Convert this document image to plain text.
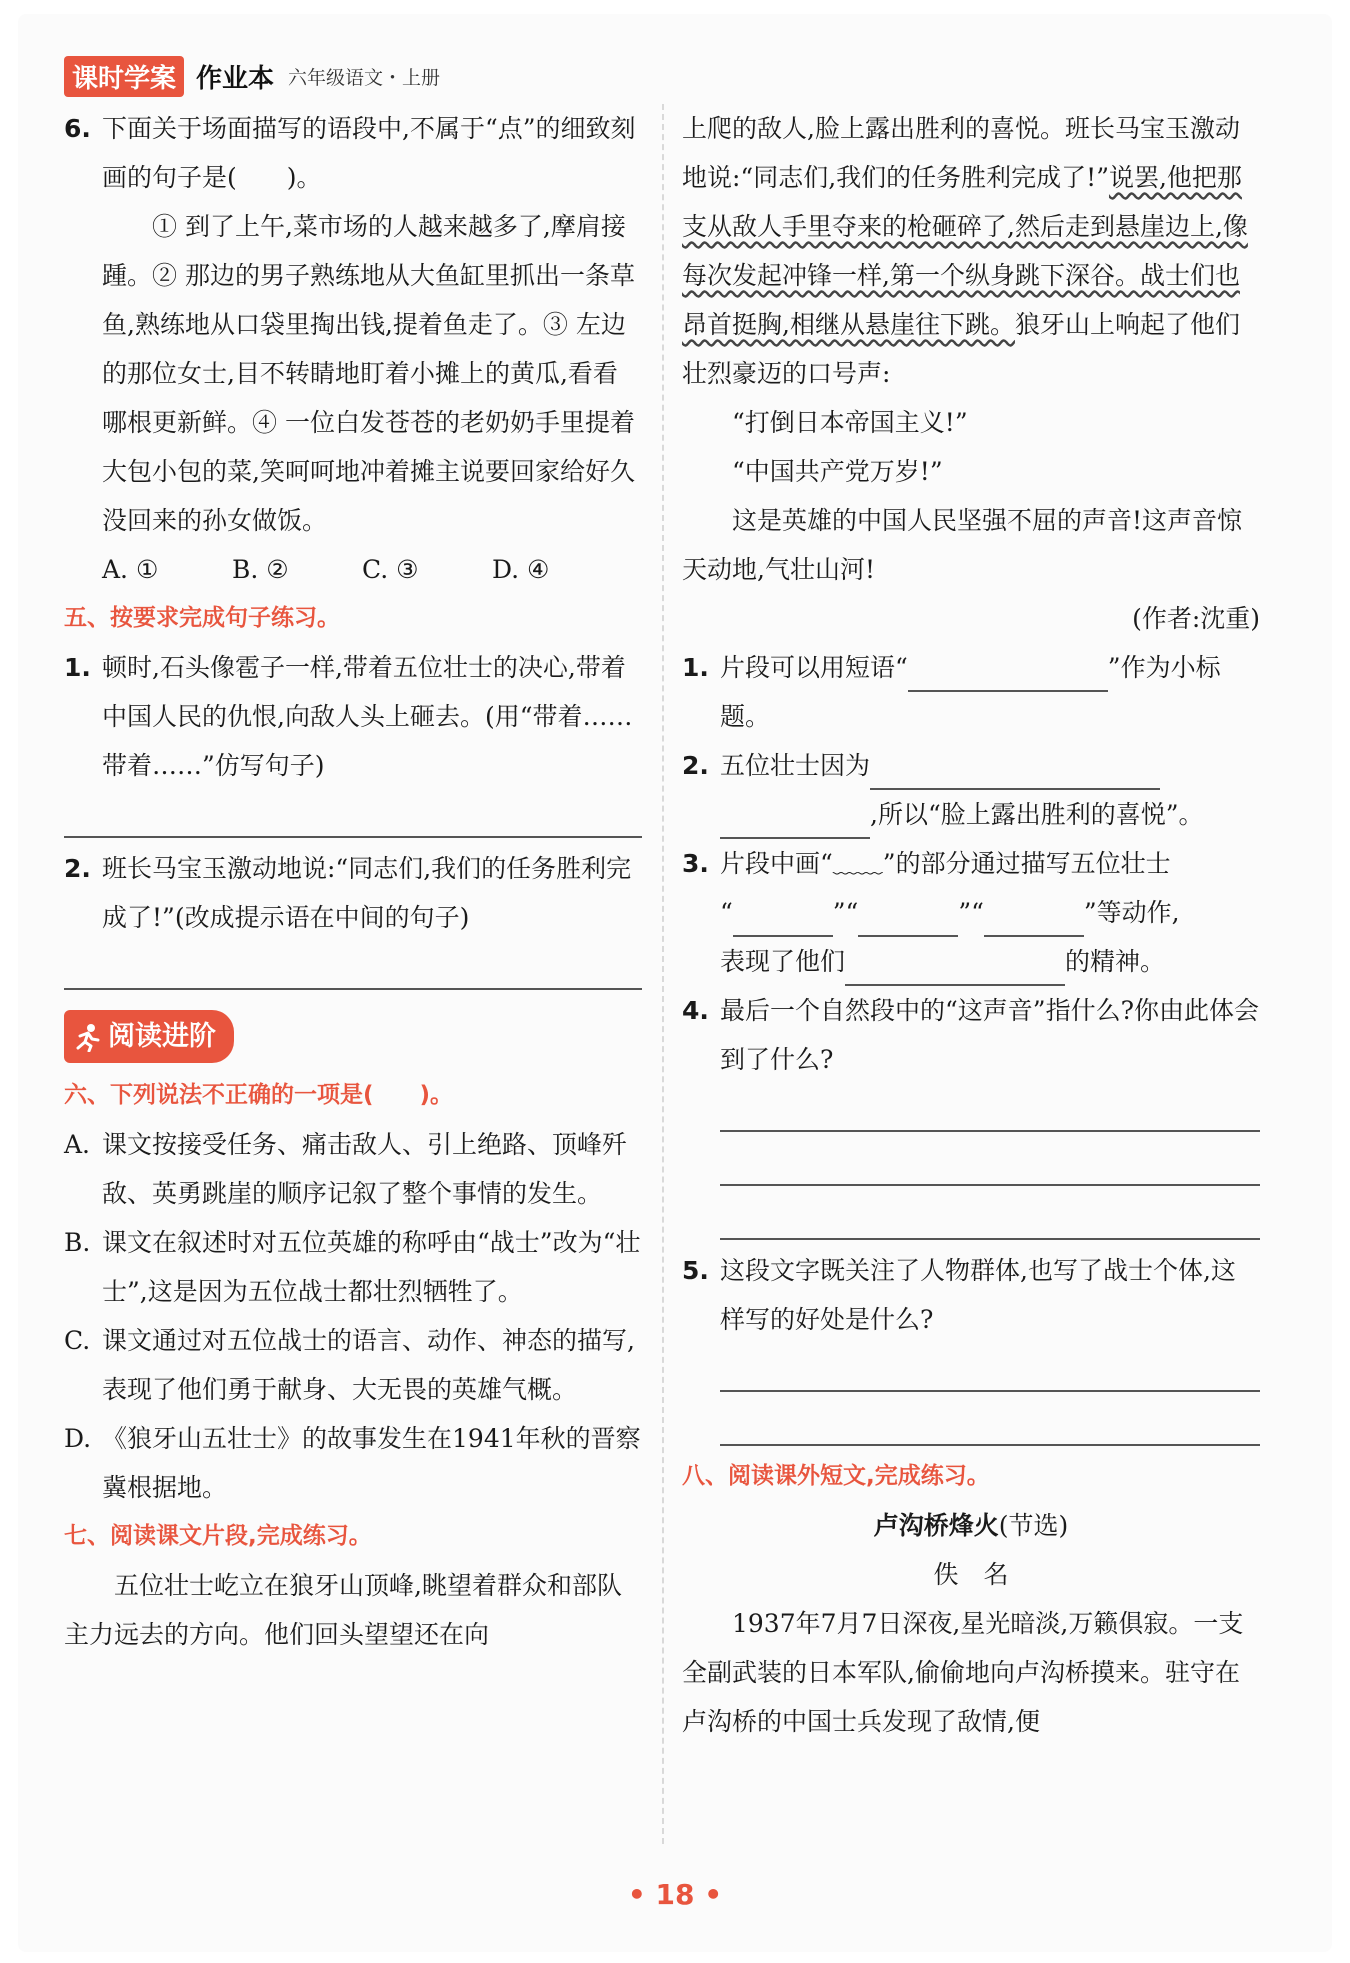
课时学案 作业本 六年级语文・上册
6. 下面关于场面描写的语段中,不属于“点”的细致刻画的句子是(　　)。
① 到了上午,菜市场的人越来越多了,摩肩接踵。② 那边的男子熟练地从大鱼缸里抓出一条草鱼,熟练地从口袋里掏出钱,提着鱼走了。③ 左边的那位女士,目不转睛地盯着小摊上的黄瓜,看看哪根更新鲜。④ 一位白发苍苍的老奶奶手里提着大包小包的菜,笑呵呵地冲着摊主说要回家给好久没回来的孙女做饭。
A. ①	B. ②	C. ③	D. ④
五、按要求完成句子练习。
1. 顿时,石头像雹子一样,带着五位壮士的决心,带着中国人民的仇恨,向敌人头上砸去。(用“带着……带着……”仿写句子)
2. 班长马宝玉激动地说:“同志们,我们的任务胜利完成了!”(改成提示语在中间的句子)
阅读进阶
六、下列说法不正确的一项是(　　)。
A. 课文按接受任务、痛击敌人、引上绝路、顶峰歼敌、英勇跳崖的顺序记叙了整个事情的发生。
B. 课文在叙述时对五位英雄的称呼由“战士”改为“壮士”,这是因为五位战士都壮烈牺牲了。
C. 课文通过对五位战士的语言、动作、神态的描写,表现了他们勇于献身、大无畏的英雄气概。
D. 《狼牙山五壮士》的故事发生在1941年秋的晋察冀根据地。
七、阅读课文片段,完成练习。
五位壮士屹立在狼牙山顶峰,眺望着群众和部队主力远去的方向。他们回头望望还在向
上爬的敌人,脸上露出胜利的喜悦。班长马宝玉激动地说:“同志们,我们的任务胜利完成了!”说罢,他把那支从敌人手里夺来的枪砸碎了,然后走到悬崖边上,像每次发起冲锋一样,第一个纵身跳下深谷。战士们也昂首挺胸,相继从悬崖往下跳。狼牙山上响起了他们壮烈豪迈的口号声:
“打倒日本帝国主义!”
“中国共产党万岁!”
这是英雄的中国人民坚强不屈的声音!这声音惊天动地,气壮山河!
(作者:沈重)
1. 片段可以用短语“	”作为小标题。
2. 五位壮士因为,所以“脸上露出胜利的喜悦”。
3. 片段中画“﹏﹏”的部分通过描写五位壮士
“	”“	”“	”等动作,
表现了他们	的精神。
4. 最后一个自然段中的“这声音”指什么?你由此体会到了什么?
5. 这段文字既关注了人物群体,也写了战士个体,这样写的好处是什么?
八、阅读课外短文,完成练习。
卢沟桥烽火(节选)
佚　名
1937年7月7日深夜,星光暗淡,万籁俱寂。一支全副武装的日本军队,偷偷地向卢沟桥摸来。驻守在卢沟桥的中国士兵发现了敌情,便
• 18 •
